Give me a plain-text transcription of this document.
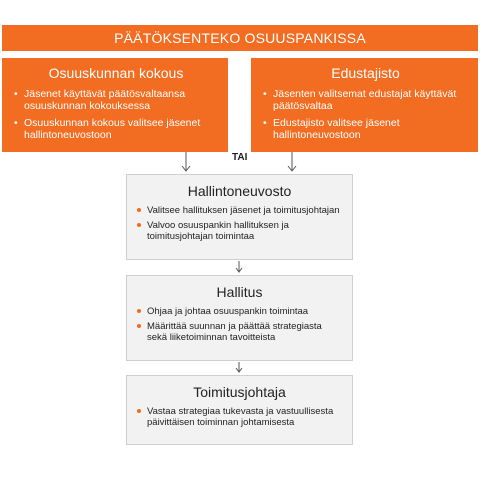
PÄÄTÖKSENTEKO OSUUSPANKISSA
Osuuskunnan kokous
• Jäsenet käyttävät päätösvaltaansa osuuskunnan kokouksessa
• Osuuskunnan kokous valitsee jäsenet hallintoneuvostoon
Edustajisto
• Jäsenten valitsemat edustajat käyttävät päätösvaltaa
• Edustajisto valitsee jäsenet hallintoneuvostoon
TAI
Hallintoneuvosto
Valitsee hallituksen jäsenet ja toimitusjohtajan
Valvoo osuuspankin hallituksen ja toimitusjohtajan toimintaa
Hallitus
Ohjaa ja johtaa osuuspankin toimintaa
Määrittää suunnan ja päättää strategiasta sekä liiketoiminnan tavoitteista
Toimitusjohtaja
Vastaa strategiaa tukevasta ja vastuullisesta päivittäisen toiminnan johtamisesta
